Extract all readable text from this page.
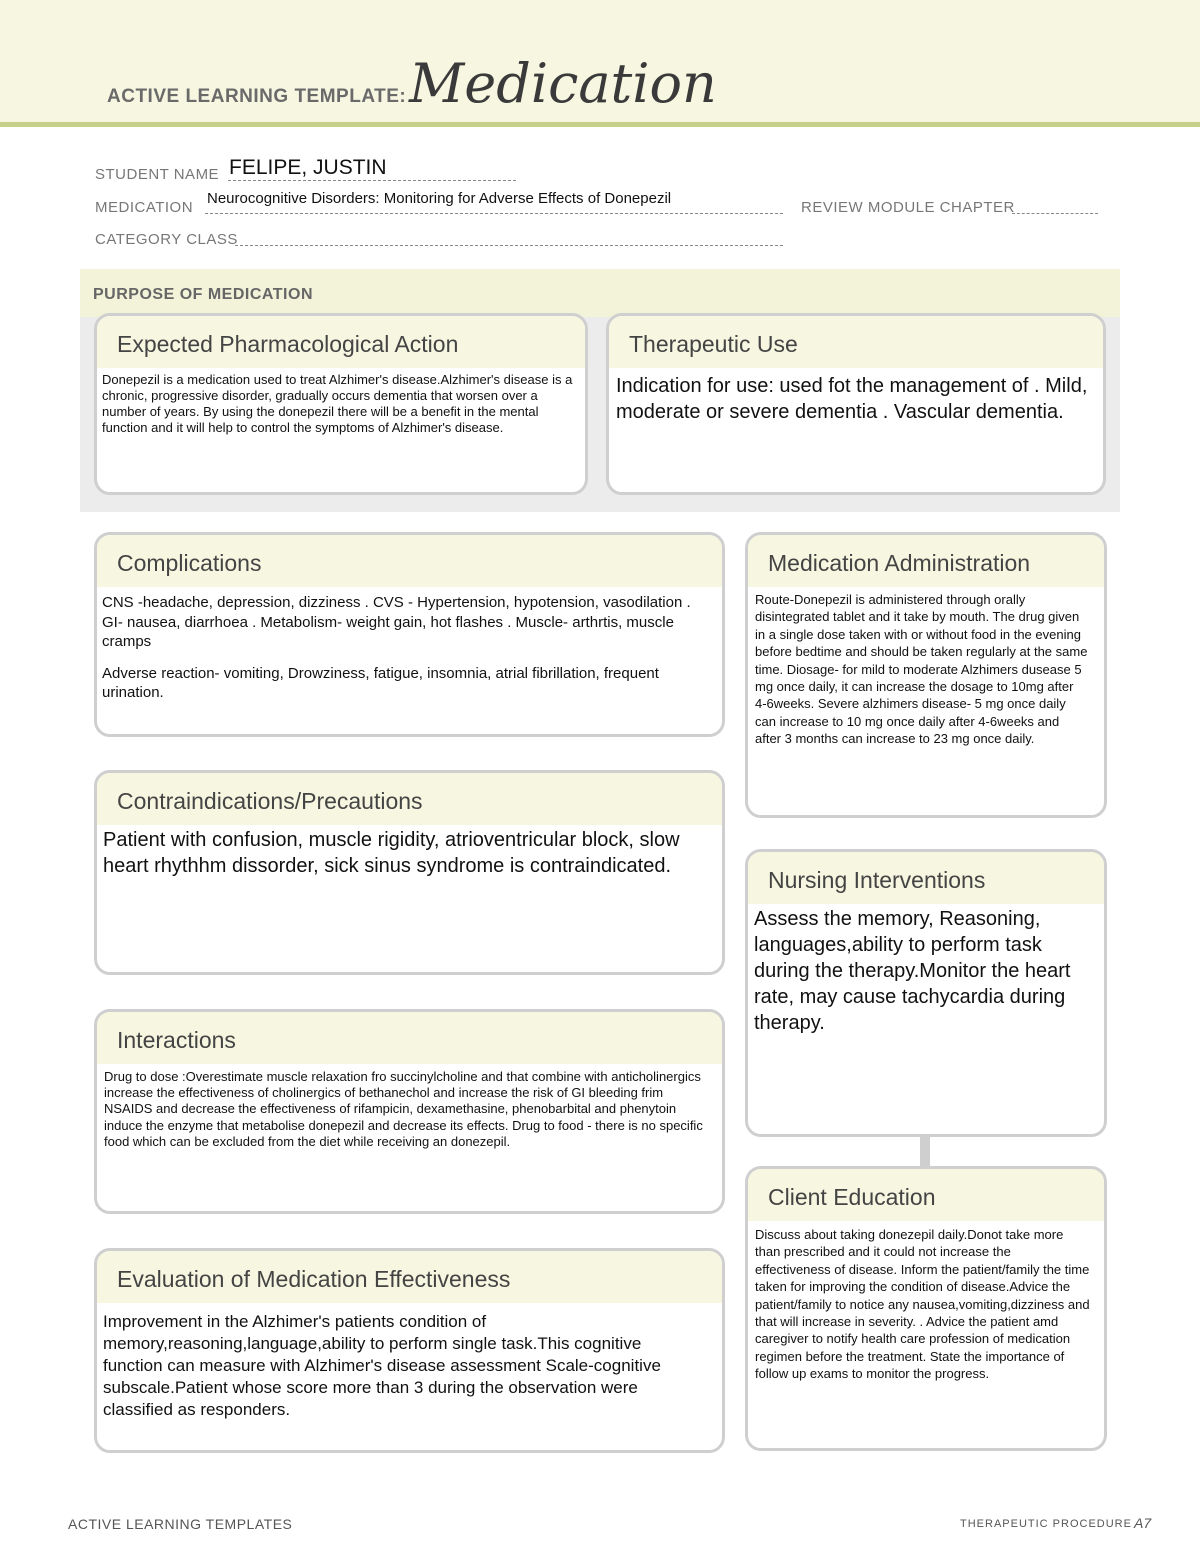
ACTIVE LEARNING TEMPLATE: Medication
STUDENT NAME FELIPE, JUSTIN
MEDICATION
Neurocognitive Disorders: Monitoring for Adverse Effects of Donepezil
REVIEW MODULE CHAPTER
CATEGORY CLASS
PURPOSE OF MEDICATION
Expected Pharmacological Action
Donepezil is a medication used to treat Alzhimer's disease.Alzhimer's disease is a chronic, progressive disorder, gradually occurs dementia that worsen over a number of years. By using the donepezil there will be a benefit in the mental function and it will help to control the symptoms of Alzhimer's disease.
Therapeutic Use
Indication for use: used fot the management of . Mild, moderate or severe dementia . Vascular dementia.
Complications

CNS -headache, depression, dizziness . CVS - Hypertension, hypotension, vasodilation . GI- nausea, diarrhoea . Metabolism- weight gain, hot flashes . Muscle- arthrtis, muscle cramps

Adverse reaction- vomiting, Drowziness, fatigue, insomnia, atrial fibrillation, frequent urination.

Medication Administration
Route-Donepezil is administered through orally disintegrated tablet and it take by mouth. The drug given in a single dose taken with or without food in the evening before bedtime and should be taken regularly at the same time. Diosage- for mild to moderate Alzhimers dusease 5 mg once daily, it can increase the dosage to 10mg after 4-6weeks. Severe alzhimers disease- 5 mg once daily can increase to 10 mg once daily after 4-6weeks and after 3 months can increase to 23 mg once daily.
Contraindications/Precautions
Patient with confusion, muscle rigidity, atrioventricular block, slow heart rhythhm dissorder, sick sinus syndrome is contraindicated.
Nursing Interventions
Assess the memory, Reasoning, languages,ability to perform task during the therapy.Monitor the heart rate, may cause tachycardia during therapy.
Interactions
Drug to dose :Overestimate muscle relaxation fro succinylcholine and that combine with anticholinergics increase the effectiveness of cholinergics of bethanechol and increase the risk of GI bleeding frim NSAIDS and decrease the effectiveness of rifampicin, dexamethasine, phenobarbital and phenytoin induce the enzyme that metabolise donepezil and decrease its effects. Drug to food - there is no specific food which can be excluded from the diet while receiving an donezepil.
Client Education
Discuss about taking donezepil daily.Donot take more than prescribed and it could not increase the effectiveness of disease. Inform the patient/family the time taken for improving the condition of disease.Advice the patient/family to notice any nausea,vomiting,dizziness and that will increase in severity. . Advice the patient amd caregiver to notify health care profession of medication regimen before the treatment. State the importance of follow up exams to monitor the progress.
Evaluation of Medication Effectiveness
Improvement in the Alzhimer's patients condition of memory,reasoning,language,ability to perform single task.This cognitive function can measure with Alzhimer's disease assessment Scale-cognitive subscale.Patient whose score more than 3 during the observation were classified as responders.
ACTIVE LEARNING TEMPLATES	THERAPEUTIC PROCEDURE A7
